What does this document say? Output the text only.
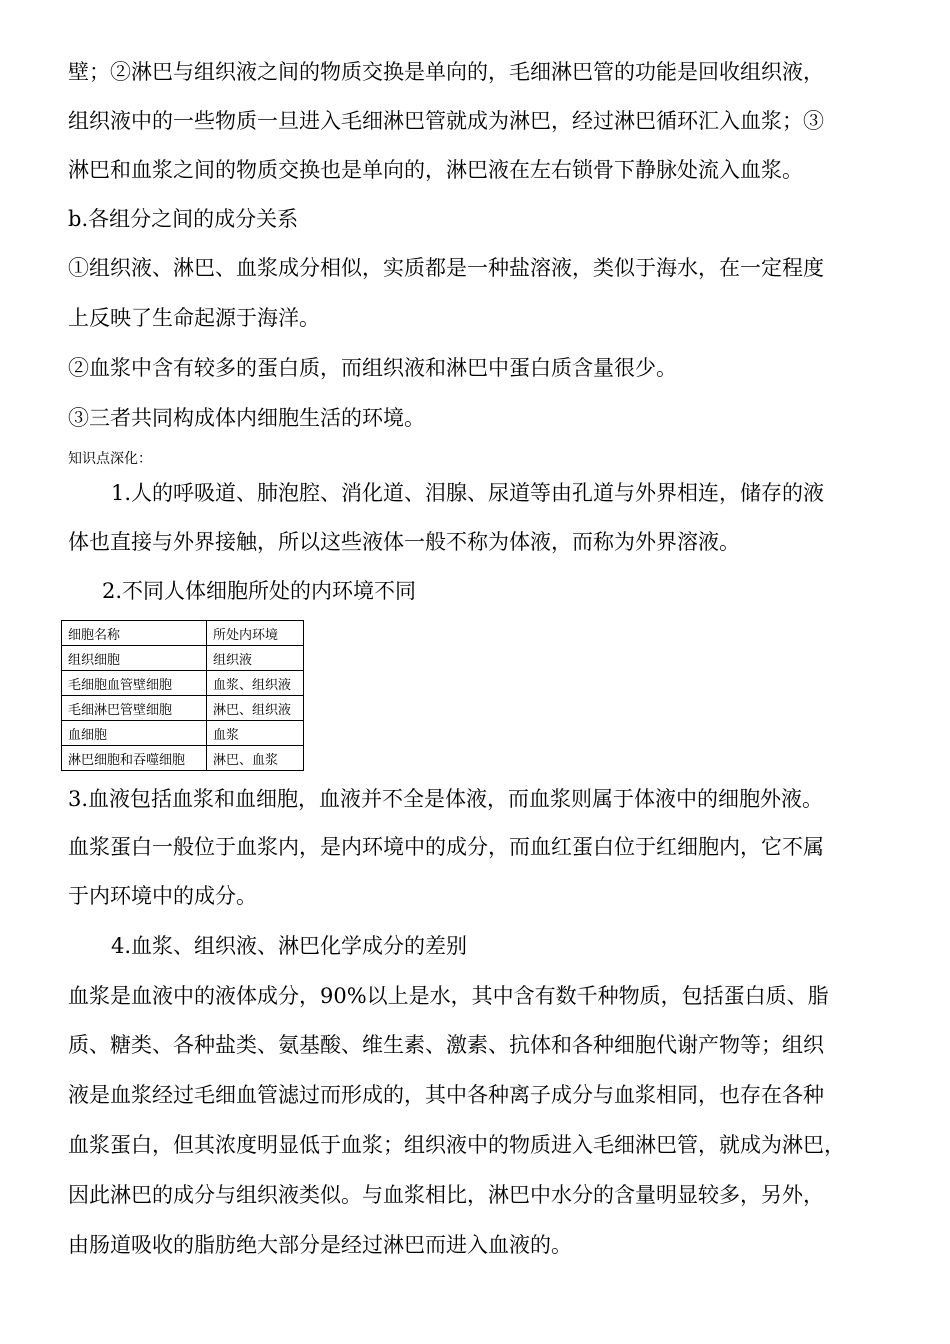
壁；②淋巴与组织液之间的物质交换是单向的，毛细淋巴管的功能是回收组织液，
组织液中的一些物质一旦进入毛细淋巴管就成为淋巴，经过淋巴循环汇入血浆；③
淋巴和血浆之间的物质交换也是单向的，淋巴液在左右锁骨下静脉处流入血浆。
b.各组分之间的成分关系
①组织液、淋巴、血浆成分相似，实质都是一种盐溶液，类似于海水，在一定程度
上反映了生命起源于海洋。
②血浆中含有较多的蛋白质，而组织液和淋巴中蛋白质含量很少。
③三者共同构成体内细胞生活的环境。
知识点深化：
1.人的呼吸道、肺泡腔、消化道、泪腺、尿道等由孔道与外界相连，储存的液
体也直接与外界接触，所以这些液体一般不称为体液，而称为外界溶液。
2.不同人体细胞所处的内环境不同
细胞名称	所处内环境
组织细胞	组织液
毛细胞血管壁细胞	血浆、组织液
毛细淋巴管壁细胞	淋巴、组织液
血细胞	血浆
淋巴细胞和吞噬细胞	淋巴、血浆
3.血液包括血浆和血细胞，血液并不全是体液，而血浆则属于体液中的细胞外液。
血浆蛋白一般位于血浆内，是内环境中的成分，而血红蛋白位于红细胞内，它不属
于内环境中的成分。
4.血浆、组织液、淋巴化学成分的差别
血浆是血液中的液体成分，90%以上是水，其中含有数千种物质，包括蛋白质、脂
质、糖类、各种盐类、氨基酸、维生素、激素、抗体和各种细胞代谢产物等；组织
液是血浆经过毛细血管滤过而形成的，其中各种离子成分与血浆相同，也存在各种
血浆蛋白，但其浓度明显低于血浆；组织液中的物质进入毛细淋巴管，就成为淋巴，
因此淋巴的成分与组织液类似。与血浆相比，淋巴中水分的含量明显较多，另外，
由肠道吸收的脂肪绝大部分是经过淋巴而进入血液的。
